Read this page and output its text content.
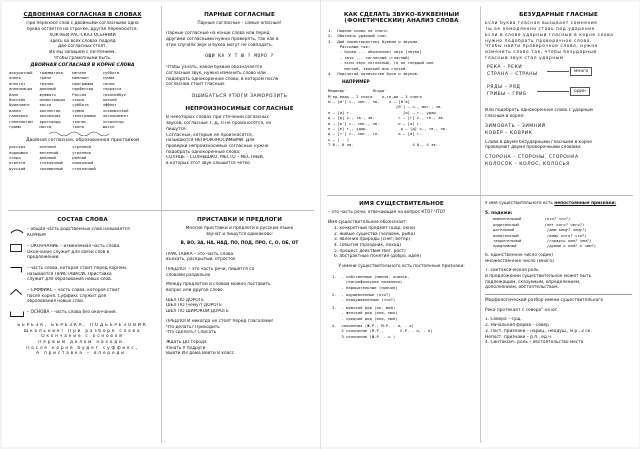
СДВОЕННАЯ СОГЛАСНАЯ В СЛОВАХ
При переносе слов с двойными согласными одна
буква остаётся на строчке, другая переносится.
ХОК-КЕЙ РАС-СКАЗ ОСЕННИЙ
Здесь во всех словах подряд
Две согласных стоят.
Их мы запишем с почтением,
Чтобы грамотными быть.
ДВОЙНАЯ СОГЛАСНАЯ В КОРНЕ СЛОВА
аккуратный   грамматика    металл       суббота
аллея        грипп         миллион      сумма
аппетит      группа        программа    тонна
аппликация   длинный       профессор    террасса
балл         жужжать       Россия       троллейбус
бассейн      иллюстрация   ссора        хоккей
бриллиант    касса         суббота      эффект
ванна        коллектив     сумма        эскимосский
галлерея     коллекция     телеграмма   эксперимент
гиппопотам   кроссворд     теннис       эскалатор
грамм        масса         тонна        шоссе
Двойная согласная, образованная приставкой
рассказ      осенний       утренний
подержка     весенний      утренник
ссора        длинный       ранний
отвезти      стеклянный    оловянный
русский      соломенный    стеклянный
ПАРНЫЕ СОГЛАСНЫЕ
Парные согласные – самые опасные!
Парные согласные на конце слова или перед
другими согласными нужно проверять, так как в
этих случаях звук и буква могут не совпадать.
ОШИ КА У Т Ю ? МОРО ?
Чтобы узнать, какой буквой обозначается
согласный звук, нужно изменить слово или
подобрать однокоренное слово, в котором после
согласной стоит гласный.
ОШИБАТЬСЯ УТЮГИ ЗАМОРОЗИТЬ
НЕПРОИЗНОСИМЫЕ СОГЛАСНЫЕ
В некоторых словах при стечении согласных
звуков, согласные Т, Д, Л не произносятся, но
пишутся.
Согласные, которые не произносятся,
называются НЕПРОИЗНОСИМЫМИ. Для
проверки непроизносимых согласных нужно
подобрать однокоренные слова:
СОЛНЦЕ – СОЛНЫШКО, МЕСТО – МЕСТНЫЙ,
в которых этот звук слышится чётко
СОСТАВ СЛОВА
– общая часть родственных слов называется
КОРНЕМ
– ОКОНЧАНИЕ – изменяемая часть слова.
Окончание служит для связи слов в
предложении.
– часть слова, которая стоит перед корнем,
называется ПРИСТАВКОЙ. Приставка
служит для образования новых слов.
– СУФФИКС – часть слова, которая стоит
после корня. Суффикс служит для
образования новых слов.
– ОСНОВА – часть слова без окончания.
БЕРЕЗА, БЕРЕЗКА, ПОДБЕРЕЗОВИК
Школьник! При разборе слова
Окончание с основой
Первым делом находи.
После корня будет суффикс,
А приставка – впереди.
ПРИСТАВКИ И ПРЕДЛОГИ
Многие приставки и предлоги в русском языке
звучат и пишутся одинаково:
В, ВО, ЗА, НА, НАД, ПО, ПОД, ПРО, С, О, ОБ, ОТ
ПРИСТАВКА – это часть слова
въехать, раскрытый, отросток
ПРЕДЛОГ – это часть речи, пишется со
словами раздельно
Между предлогом и словом можно поставить
вопрос или другое слово
ШЁЛ ПО ДОРОГЕ
ШЁЛ ПО (чему?) ДОРОГЕ
ШЁЛ ПО ШИРОКОЙ ДОРОГЕ
ПРЕДЛОГИ никогда не стоят перед глаголами!
Что делать? Приходить
Что сделать? Списать
Ждать ДО города
Узнать У подруги
Выйти ИЗ дома Войти В класс
КАК СДЕЛАТЬ ЗВУКО-БУКВЕННЫЙ
(ФОНЕТИЧЕСКИЙ) АНАЛИЗ СЛОВА
1.  Подели слово на слоги.
2.  Обозначь ударный слог.
3.  Дай характеристику буквам и звукам.
Расскажи так:
- буква ... обозначает звук [звуки]
- звук ... согласный (гласный)
- если звук согласный, то он твердый или
мягкий, звонкий или глухой.
4.  Подсчитай количество букв и звуков.
НАПРИМЕР
Медведь'           Ягода'
М'ед-ведь – 2 слога    я-го-да – 3 слога
м – [м'] с., мяг., зв.    я – [й'а]
[й'] – с., мяг., зв.
е – [и] г.                      [а] – г., удар.
д – [д] с., тв., зв.          г – [г] с., тв., зв.
в – [в'] с., мяг., зв.        о – [а] г.
е – [е] г., удар.              д – [д] с., тв., зв.
д – [т'] с., мяг., гл.        а – [а] г.
ь – [ - ]
7 б., 6 зв.                         4 б., 4 зв.
БЕЗУДАРНЫЕ ГЛАСНЫЕ
Если буква гласная вызывает сомнение
Ты её немедленно ставь под ударение
Если в слове ударный гласный в корне слова
нужно подобрать проверочное слово.
Чтобы найти проверочное слово, нужно
изменить слово так, чтобы безударный
гласный звук стал ударным
РЕКА – РЕКИ
СТРАНА – СТРАНЫ
много
РЯДЫ – РЯД
ГРИБЫ – ГРИБ
один
Или подобрать однокоренное слово с ударным
гласным в корне:
ЗИМОВАТЬ – ЗИМНИЙ
КОВЁР – КОВРИК
Слова в двумя безударными гласными в корне
проверяют двумя проверочными словами:
СТОРОНА – СТОРОНЫ, СТОРОНКА
КОЛОСОК – КОЛОС, КОЛОСЬЯ
ИМЯ СУЩЕСТВИТЕЛЬНОЕ
– это часть речи, отвечающая на вопрос КТО? ЧТО?
Имя существительное обозначает:
1. конкретный предмет (шар, окно)
2. живые существа (человек, рыба)
3. явления природы (снег, ветер)
4. события (праздник, поход)
5. процесс действия (бег, рост)
6. абстрактные понятия (добро, идея)
У имени существительного есть постоянные признаки:
1.  - собственные (имена, клички,
географические названия)
- нарицательные (прочие)

2.  - одушевленные (кто?)
- неодушевленные (что?)

3.  - мужской род (он, мой)
- женский род (она, моя)
- средний род (оно, моё)

4.  склонения (Ж.Р., М.Р. - а, - я)
2 склонение (М.Р.,       С.Р. - о, - е)
3 склонение (Ж.Р. - ь )
У имя существительного есть непостоянные признаки:
5. падежи:
именительный          (кто? что?)
родительный           (нет кого? чего?)
дательный              (дам кому? чему?)
винительный            (вижу кого? что?)
творительный           (горжусь кем? чем?)
предложный             (думаю о ком? о чем?)
6. единственное число (один)
множественное число (много)
7. синтаксическая роль
В предложении существительное может быть
подлежащим, сказуемым, определением,
дополнением, обстоятельством.
Морфологический разбор имени существительного
Река протекает с севера" на юг.
1. Севера – сущ.
2. Начальная форма – север
3. Пост. признаки – нариц., неодуш., м.р., 2 ск.
Непост. признаки – р.п., ед.ч.
4. Синтаксич. роль – обстоятельство места
